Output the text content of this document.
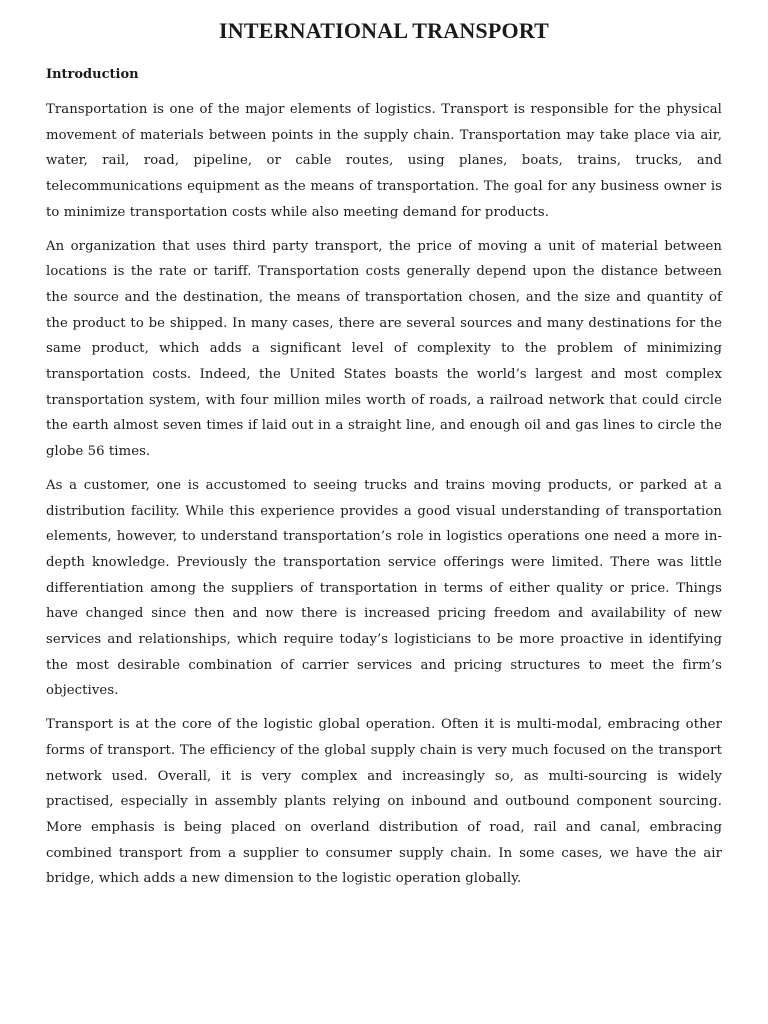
INTERNATIONAL TRANSPORT
Introduction

Transportation is one of the major elements of logistics. Transport is responsible for the physical movement of materials between points in the supply chain. Transportation may take place via air, water, rail, road, pipeline, or cable routes, using planes, boats, trains, trucks, and telecommunications equipment as the means of transportation. The goal for any business owner is to minimize transportation costs while also meeting demand for products.

An organization that uses third party transport, the price of moving a unit of material between locations is the rate or tariff. Transportation costs generally depend upon the distance between the source and the destination, the means of transportation chosen, and the size and quantity of the product to be shipped. In many cases, there are several sources and many destinations for the same product, which adds a significant level of complexity to the problem of minimizing transportation costs. Indeed, the United States boasts the world’s largest and most complex transportation system, with four million miles worth of roads, a railroad network that could circle the earth almost seven times if laid out in a straight line, and enough oil and gas lines to circle the globe 56 times.

As a customer, one is accustomed to seeing trucks and trains moving products, or parked at a distribution facility. While this experience provides a good visual understanding of transportation elements, however, to understand transportation’s role in logistics operations one need a more in-depth knowledge. Previously the transportation service offerings were limited. There was little differentiation among the suppliers of transportation in terms of either quality or price. Things have changed since then and now there is increased pricing freedom and availability of new services and relationships, which require today’s logisticians to be more proactive in identifying the most desirable combination of carrier services and pricing structures to meet the firm’s objectives.

Transport is at the core of the logistic global operation. Often it is multi-modal, embracing other forms of transport. The efficiency of the global supply chain is very much focused on the transport network used. Overall, it is very complex and increasingly so, as multi-sourcing is widely practised, especially in assembly plants relying on inbound and outbound component sourcing. More emphasis is being placed on overland distribution of road, rail and canal, embracing combined transport from a supplier to consumer supply chain. In some cases, we have the air bridge, which adds a new dimension to the logistic operation globally.
